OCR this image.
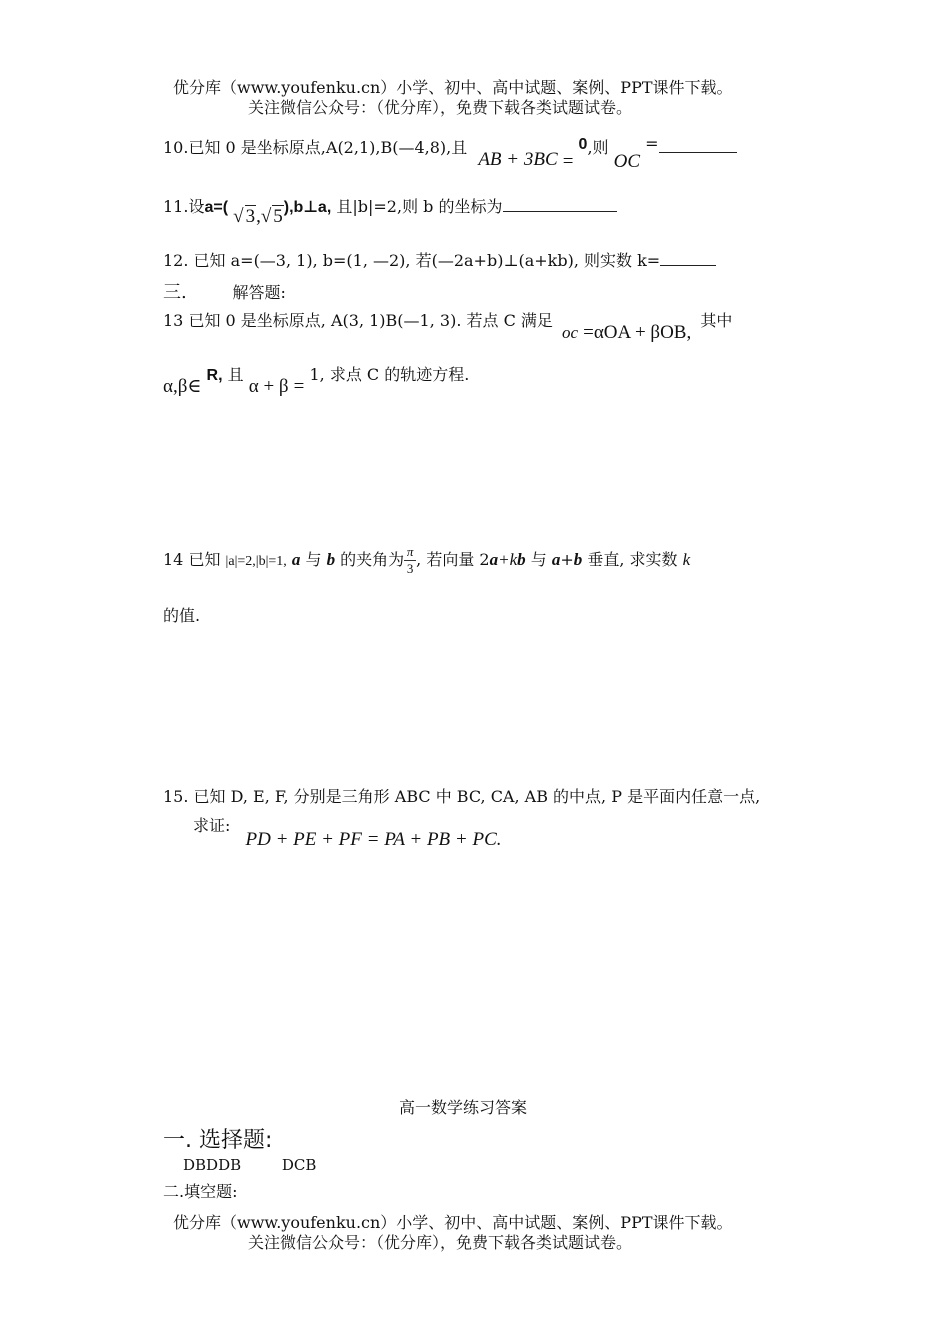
优分库（www.youfenku.cn）小学、初中、高中试题、案例、PPT课件下载。
关注微信公众号：（优分库），免费下载各类试题试卷。
10.已知 0 是坐标原点,A(2,1),B(—4,8),且 AB + 3BC = 0,则 OC =
11.设a=( √ 3,√ 5),b⊥a, 且|b|=2,则 b 的坐标为
12. 已知 a=(—3, 1), b=(1, —2), 若(—2a+b)⊥(a+kb), 则实数 k=
三.	解答题:
13 已知 0 是坐标原点, A(3, 1)B(—1, 3). 若点 C 满足 oc =αOA + βOB, 其中
α,β∈ R, 且 α + β = 1, 求点 C 的轨迹方程.
14 已知 |a|=2,|b|=1, a 与 b 的夹角为 $\frac{\pi}{3}$ , 若向量 2a+kb 与 a+b 垂直, 求实数 k
的值.
15. 已知 D, E, F, 分别是三角形 ABC 中 BC, CA, AB 的中点, P 是平面内任意一点,
求证: PD + PE + PF = PA + PB + PC.
高一数学练习答案
一. 选择题:
DBDDB	DCB
二.填空题:
优分库（www.youfenku.cn）小学、初中、高中试题、案例、PPT课件下载。
关注微信公众号：（优分库），免费下载各类试题试卷。
